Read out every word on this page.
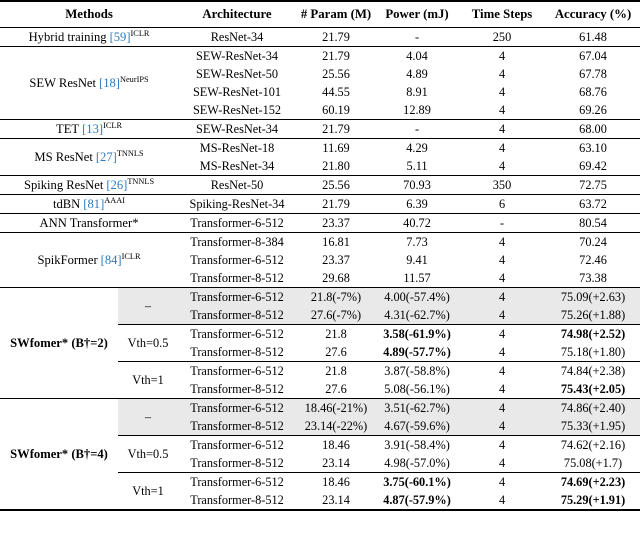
Methods		Architecture	# Param (M)	Power (mJ)	Time Steps	Accuracy (%)
Hybrid training $[59]^{ICLR}$		ResNet-34	21.79	-	250	61.48
SEW ResNet $[18]^{NeurIPS}$		SEW-ResNet-34	21.79	4.04	4	67.04
		SEW-ResNet-50	25.56	4.89	4	67.78
		SEW-ResNet-101	44.55	8.91	4	68.76
		SEW-ResNet-152	60.19	12.89	4	69.26
TET $[13]^{ICLR}$		SEW-ResNet-34	21.79	-	4	68.00
MS ResNet $[27]^{TNNLS}$		MS-ResNet-18	11.69	4.29	4	63.10
		MS-ResNet-34	21.80	5.11	4	69.42
Spiking ResNet $[26]^{TNNLS}$		ResNet-50	25.56	70.93	350	72.75
tdBN $[81]^{AAAI}$		Spiking-ResNet-34	21.79	6.39	6	63.72
ANN Transformer*		Transformer-6-512	23.37	40.72	-	80.54
SpikFormer $[84]^{ICLR}$		Transformer-8-384	16.81	7.73	4	70.24
		Transformer-6-512	23.37	9.41	4	72.46
		Transformer-8-512	29.68	11.57	4	73.38
SWfomer* (B†=2)	–	Transformer-6-512	21.8(-7%)	4.00(-57.4%)	4	75.09(+2.63)
		Transformer-8-512	27.6(-7%)	4.31(-62.7%)	4	75.26(+1.88)
	Vth=0.5	Transformer-6-512	21.8	3.58(-61.9%)	4	74.98(+2.52)
		Transformer-8-512	27.6	4.89(-57.7%)	4	75.18(+1.80)
	Vth=1	Transformer-6-512	21.8	3.87(-58.8%)	4	74.84(+2.38)
		Transformer-8-512	27.6	5.08(-56.1%)	4	75.43(+2.05)
SWfomer* (B†=4)	–	Transformer-6-512	18.46(-21%)	3.51(-62.7%)	4	74.86(+2.40)
		Transformer-8-512	23.14(-22%)	4.67(-59.6%)	4	75.33(+1.95)
	Vth=0.5	Transformer-6-512	18.46	3.91(-58.4%)	4	74.62(+2.16)
		Transformer-8-512	23.14	4.98(-57.0%)	4	75.08(+1.7)
	Vth=1	Transformer-6-512	18.46	3.75(-60.1%)	4	74.69(+2.23)
		Transformer-8-512	23.14	4.87(-57.9%)	4	75.29(+1.91)
